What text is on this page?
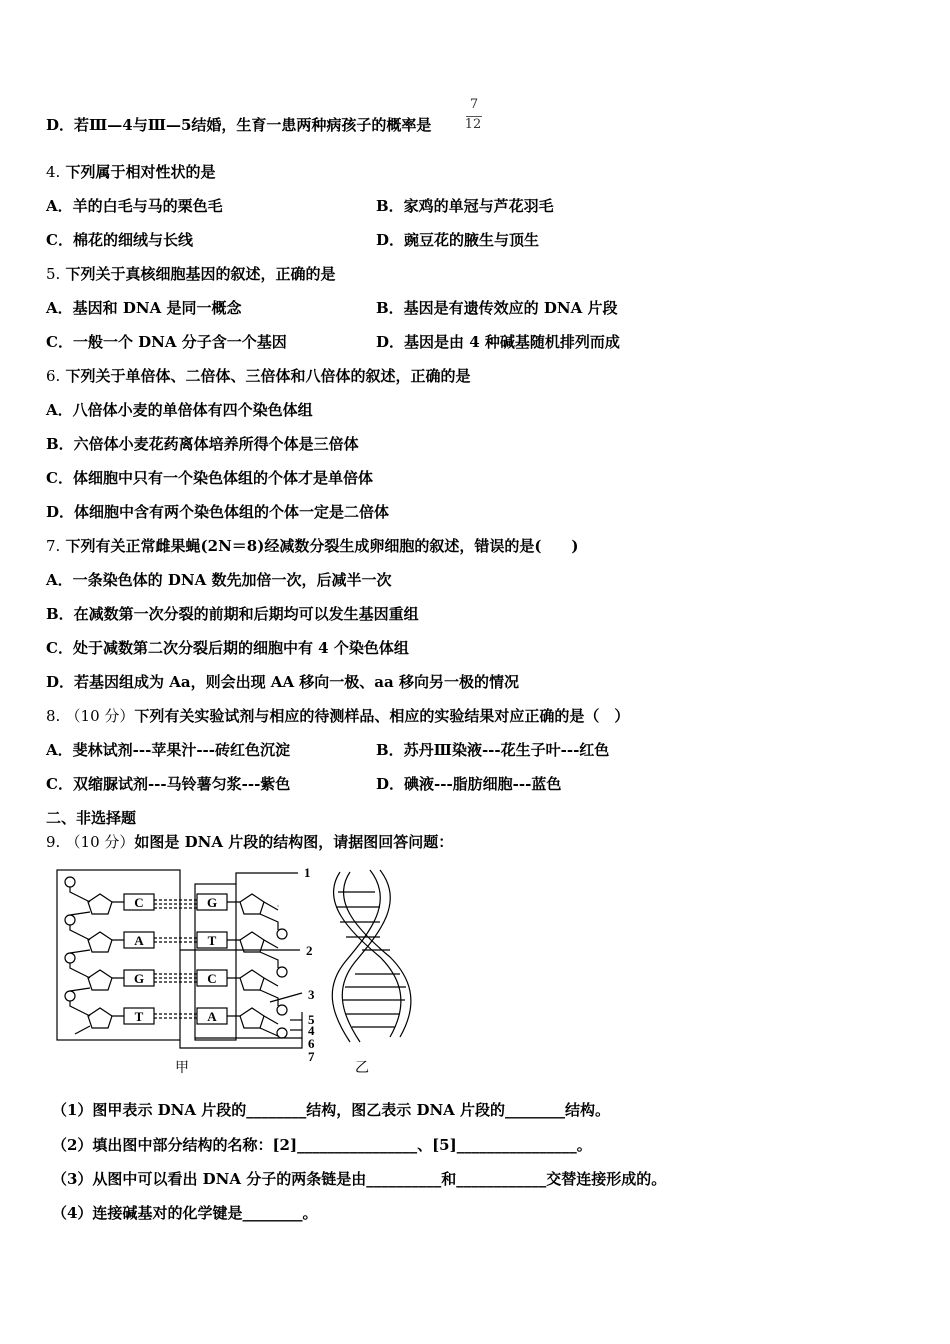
D．若Ⅲ—4与Ⅲ—5结婚，生育一患两种病孩子的概率是
7
12
4. 下列属于相对性状的是
A．羊的白毛与马的栗色毛	B．家鸡的单冠与芦花羽毛
C．棉花的细绒与长线	D．豌豆花的腋生与顶生
5. 下列关于真核细胞基因的叙述，正确的是
A．基因和 DNA 是同一概念	B．基因是有遗传效应的 DNA 片段
C．一般一个 DNA 分子含一个基因	D．基因是由 4 种碱基随机排列而成
6. 下列关于单倍体、二倍体、三倍体和八倍体的叙述，正确的是
A．八倍体小麦的单倍体有四个染色体组
B．六倍体小麦花药离体培养所得个体是三倍体
C．体细胞中只有一个染色体组的个体才是单倍体
D．体细胞中含有两个染色体组的个体一定是二倍体
7. 下列有关正常雌果蝇(2N＝8)经减数分裂生成卵细胞的叙述，错误的是(　　)
A．一条染色体的 DNA 数先加倍一次，后减半一次
B．在减数第一次分裂的前期和后期均可以发生基因重组
C．处于减数第二次分裂后期的细胞中有 4 个染色体组
D．若基因组成为 Aa，则会出现 AA 移向一极、aa 移向另一极的情况
8. （10 分）下列有关实验试剂与相应的待测样品、相应的实验结果对应正确的是（　）
A．斐林试剂---苹果汁---砖红色沉淀	B．苏丹Ⅲ染液---花生子叶---红色
C．双缩脲试剂---马铃薯匀浆---紫色	D．碘液---脂肪细胞---蓝色
二、非选择题
9. （10 分）如图是 DNA 片段的结构图，请据图回答问题：
C
A
G
T
G
T
C
A
1
2
3
5
4
6
7
甲	乙
（1）图甲表示 DNA 片段的________结构，图乙表示 DNA 片段的________结构。
（2）填出图中部分结构的名称：[2]________________、[5]________________。
（3）从图中可以看出 DNA 分子的两条链是由__________和____________交替连接形成的。
（4）连接碱基对的化学键是________。
